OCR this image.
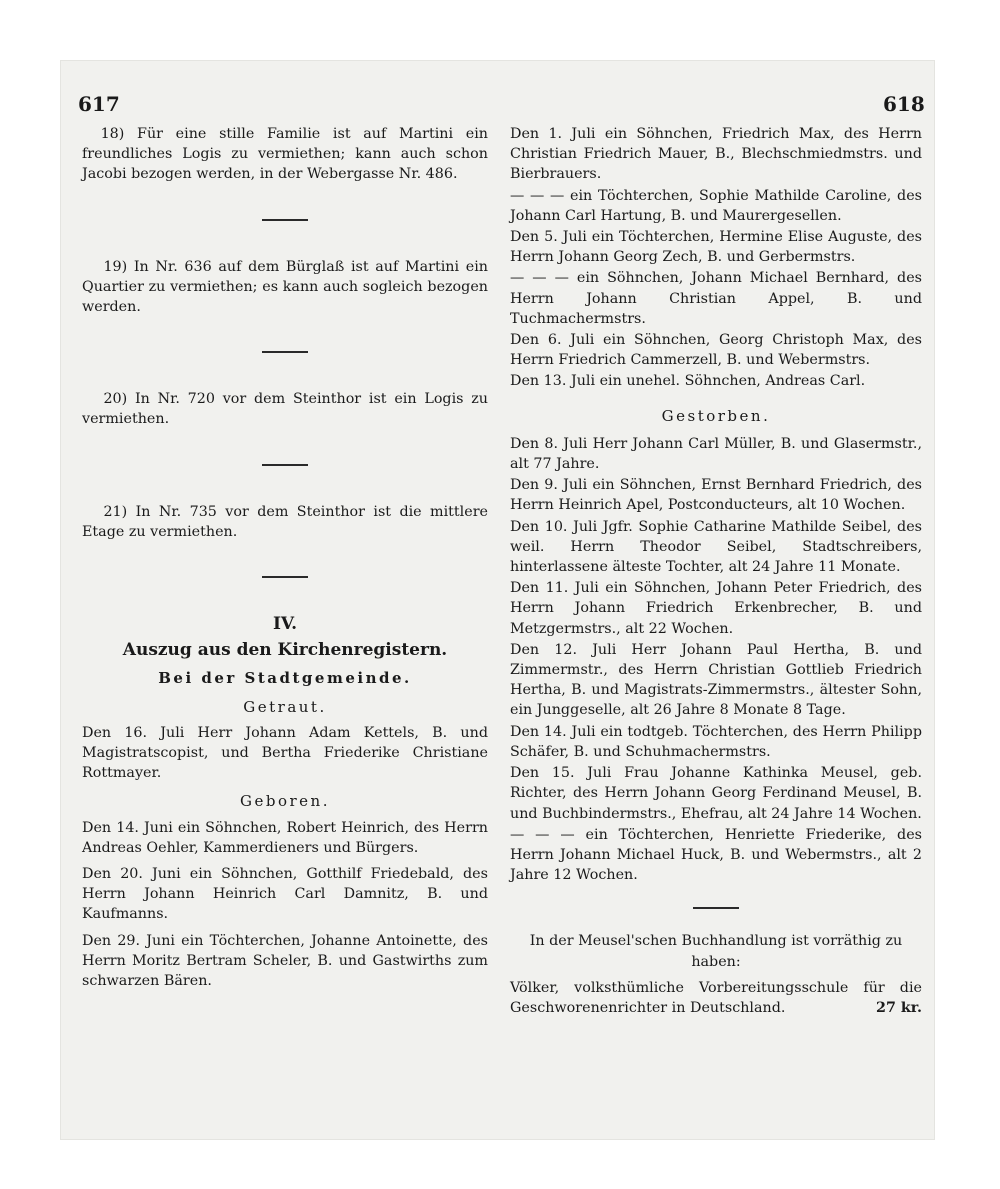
617	618

18) Für eine stille Familie ist auf Martini ein freundliches Logis zu vermiethen; kann auch schon Jacobi bezogen werden, in der Webergasse Nr. 486.

19) In Nr. 636 auf dem Bürglaß ist auf Martini ein Quartier zu vermiethen; es kann auch sogleich bezogen werden.

20) In Nr. 720 vor dem Steinthor ist ein Logis zu vermiethen.

21) In Nr. 735 vor dem Steinthor ist die mittlere Etage zu vermiethen.

IV.
Auszug aus den Kirchenregistern.
Bei der Stadtgemeinde.
Getraut.

Den 16. Juli Herr Johann Adam Kettels, B. und Magistratscopist, und Bertha Friederike Christiane Rottmayer.

Geboren.

Den 14. Juni ein Söhnchen, Robert Heinrich, des Herrn Andreas Oehler, Kammerdieners und Bürgers.

Den 20. Juni ein Söhnchen, Gotthilf Friedebald, des Herrn Johann Heinrich Carl Damnitz, B. und Kaufmanns.

Den 29. Juni ein Töchterchen, Johanne Antoinette, des Herrn Moritz Bertram Scheler, B. und Gastwirths zum schwarzen Bären.

Den 1. Juli ein Söhnchen, Friedrich Max, des Herrn Christian Friedrich Mauer, B., Blechschmiedmstrs. und Bierbrauers.

— — — ein Töchterchen, Sophie Mathilde Caroline, des Johann Carl Hartung, B. und Maurergesellen.

Den 5. Juli ein Töchterchen, Hermine Elise Auguste, des Herrn Johann Georg Zech, B. und Gerbermstrs.

— — — ein Söhnchen, Johann Michael Bernhard, des Herrn Johann Christian Appel, B. und Tuchmachermstrs.

Den 6. Juli ein Söhnchen, Georg Christoph Max, des Herrn Friedrich Cammerzell, B. und Webermstrs.

Den 13. Juli ein unehel. Söhnchen, Andreas Carl.

Gestorben.

Den 8. Juli Herr Johann Carl Müller, B. und Glasermstr., alt 77 Jahre.

Den 9. Juli ein Söhnchen, Ernst Bernhard Friedrich, des Herrn Heinrich Apel, Postconducteurs, alt 10 Wochen.

Den 10. Juli Jgfr. Sophie Catharine Mathilde Seibel, des weil. Herrn Theodor Seibel, Stadtschreibers, hinterlassene älteste Tochter, alt 24 Jahre 11 Monate.

Den 11. Juli ein Söhnchen, Johann Peter Friedrich, des Herrn Johann Friedrich Erkenbrecher, B. und Metzgermstrs., alt 22 Wochen.

Den 12. Juli Herr Johann Paul Hertha, B. und Zimmermstr., des Herrn Christian Gottlieb Friedrich Hertha, B. und Magistrats-Zimmermstrs., ältester Sohn, ein Junggeselle, alt 26 Jahre 8 Monate 8 Tage.

Den 14. Juli ein todtgeb. Töchterchen, des Herrn Philipp Schäfer, B. und Schuhmachermstrs.

Den 15. Juli Frau Johanne Kathinka Meusel, geb. Richter, des Herrn Johann Georg Ferdinand Meusel, B. und Buchbindermstrs., Ehefrau, alt 24 Jahre 14 Wochen.

— — — ein Töchterchen, Henriette Friederike, des Herrn Johann Michael Huck, B. und Webermstrs., alt 2 Jahre 12 Wochen.

In der Meusel'schen Buchhandlung ist vorräthig zu haben:

Völker, volksthümliche Vorbereitungsschule für die Geschworenenrichter in Deutschland.	27 kr.
